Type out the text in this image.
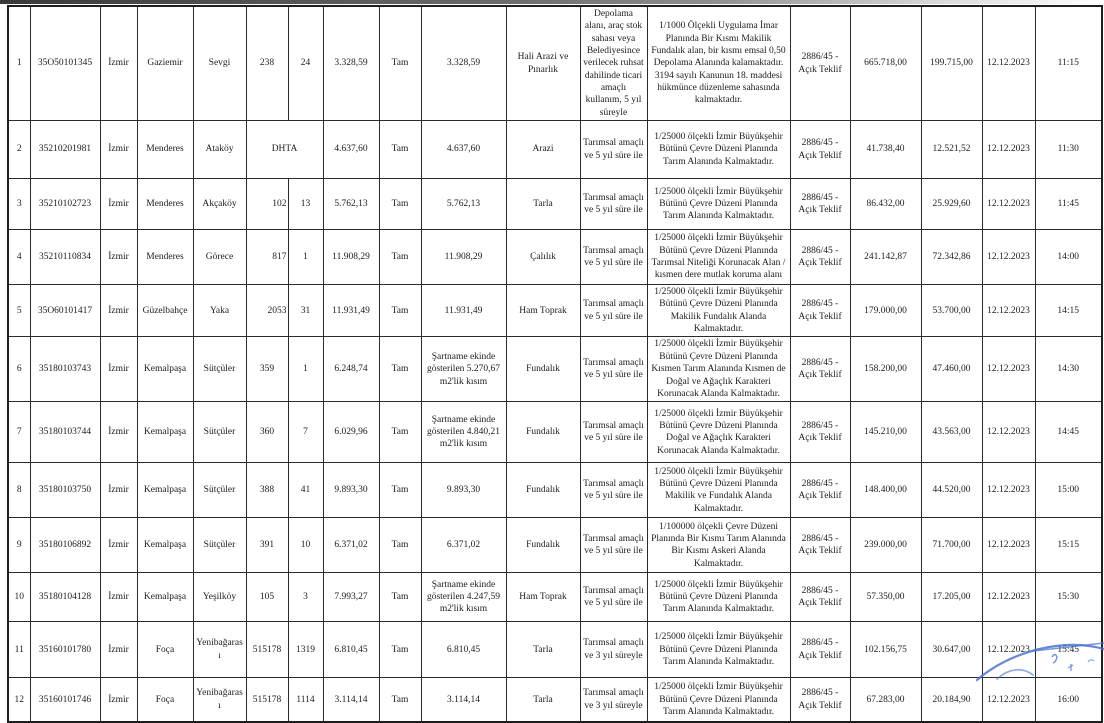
1	35O50101345	İzmir	Gaziemir	Sevgi	238	24	3.328,59	Tam	3.328,59	Hali Arazi ve Pınarlık	Depolama alanı, araç stok sahası veya Belediyesince verilecek ruhsat dahilinde ticari amaçlı kullanım, 5 yıl süreyle	1/1000 Ölçekli Uygulama İmar Planında Bir Kısmı Makilik Fundalık alan, bir kısmı emsal 0,50 Depolama Alanında kalamaktadır. 3194 sayılı Kanunun 18. maddesi hükmünce düzenleme sahasında kalmaktadır.	2886/45 - Açık Teklif	665.718,00	199.715,00	12.12.2023	11:15
2	35210201981	İzmir	Menderes	Ataköy	DHTA		4.637,60	Tam	4.637,60	Arazi	Tarımsal amaçlı ve 5 yıl süre ile	1/25000 ölçekli İzmir Büyükşehir Bütünü Çevre Düzeni Planında Tarım Alanında Kalmaktadır.	2886/45 - Açık Teklif	41.738,40	12.521,52	12.12.2023	11:30
3	35210102723	İzmir	Menderes	Akçaköy	102	13	5.762,13	Tam	5.762,13	Tarla	Tarımsal amaçlı ve 5 yıl süre ile	1/25000 ölçekli İzmir Büyükşehir Bütünü Çevre Düzeni Planında Tarım Alanında Kalmaktadır.	2886/45 - Açık Teklif	86.432,00	25.929,60	12.12.2023	11:45
4	35210110834	İzmir	Menderes	Görece	817	1	11.908,29	Tam	11.908,29	Çalılık	Tarımsal amaçlı ve 5 yıl süre ile	1/25000 ölçekli İzmir Büyükşehir Bütünü Çevre Düzeni Planında Tarımsal Niteliği Korunacak Alan / kısmen dere mutlak koruma alanı	2886/45 - Açık Teklif	241.142,87	72.342,86	12.12.2023	14:00
5	35O60101417	İzmir	Güzelbahçe	Yaka	2053	31	11.931,49	Tam	11.931,49	Ham Toprak	Tarımsal amaçlı ve 5 yıl süre ile	1/25000 ölçekli İzmir Büyükşehir Bütünü Çevre Düzeni Planında Makilik Fundalık Alanda Kalmaktadır.	2886/45 - Açık Teklif	179.000,00	53.700,00	12.12.2023	14:15
6	35180103743	İzmir	Kemalpaşa	Sütçüler	359	1	6.248,74	Tam	Şartname ekinde gösterilen 5.270,67 m2'lik kısım	Fundalık	Tarımsal amaçlı ve 5 yıl süre ile	1/25000 ölçekli İzmir Büyükşehir Bütünü Çevre Düzeni Planında Kısmen Tarım Alanında Kısmen de Doğal ve Ağaçlık Karakteri Korunacak Alanda Kalmaktadır.	2886/45 - Açık Teklif	158.200,00	47.460,00	12.12.2023	14:30
7	35180103744	İzmir	Kemalpaşa	Sütçüler	360	7	6.029,96	Tam	Şartname ekinde gösterilen 4.840,21 m2'lik kısım	Fundalık	Tarımsal amaçlı ve 5 yıl süre ile	1/25000 ölçekli İzmir Büyükşehir Bütünü Çevre Düzeni Planında Doğal ve Ağaçlık Karakteri Korunacak Alanda Kalmaktadır.	2886/45 - Açık Teklif	145.210,00	43.563,00	12.12.2023	14:45
8	35180103750	İzmir	Kemalpaşa	Sütçüler	388	41	9.893,30	Tam	9.893,30	Fundalık	Tarımsal amaçlı ve 5 yıl süre ile	1/25000 ölçekli İzmir Büyükşehir Bütünü Çevre Düzeni Planında Makilik ve Fundalık Alanda Kalmaktadır.	2886/45 - Açık Teklif	148.400,00	44.520,00	12.12.2023	15:00
9	35180106892	İzmir	Kemalpaşa	Sütçüler	391	10	6.371,02	Tam	6.371,02	Fundalık	Tarımsal amaçlı ve 5 yıl süre ile	1/100000 ölçekli Çevre Düzeni Planında Bir Kısmı Tarım Alanında Bir Kısmı Askeri Alanda Kalmaktadır.	2886/45 - Açık Teklif	239.000,00	71.700,00	12.12.2023	15:15
10	35180104128	İzmir	Kemalpaşa	Yeşilköy	105	3	7.993,27	Tam	Şartname ekinde gösterilen 4.247,59 m2'lik kısım	Ham Toprak	Tarımsal amaçlı ve 5 yıl süre ile	1/25000 ölçekli İzmir Büyükşehir Bütünü Çevre Düzeni Planında Tarım Alanında Kalmaktadır.	2886/45 - Açık Teklif	57.350,00	17.205,00	12.12.2023	15:30
11	35160101780	İzmir	Foça	Yenibağarası	515178	1319	6.810,45	Tam	6.810,45	Tarla	Tarımsal amaçlı ve 3 yıl süreyle	1/25000 ölçekli İzmir Büyükşehir Bütünü Çevre Düzeni Planında Tarım Alanında Kalmaktadır.	2886/45 - Açık Teklif	102.156,75	30.647,00	12.12.2023	15:45
12	35160101746	İzmir	Foça	Yenibağarası	515178	1114	3.114,14	Tam	3.114,14	Tarla	Tarımsal amaçlı ve 3 yıl süreyle	1/25000 ölçekli İzmir Büyükşehir Bütünü Çevre Düzeni Planında Tarım Alanında Kalmaktadır.	2886/45 - Açık Teklif	67.283,00	20.184,90	12.12.2023	16:00
